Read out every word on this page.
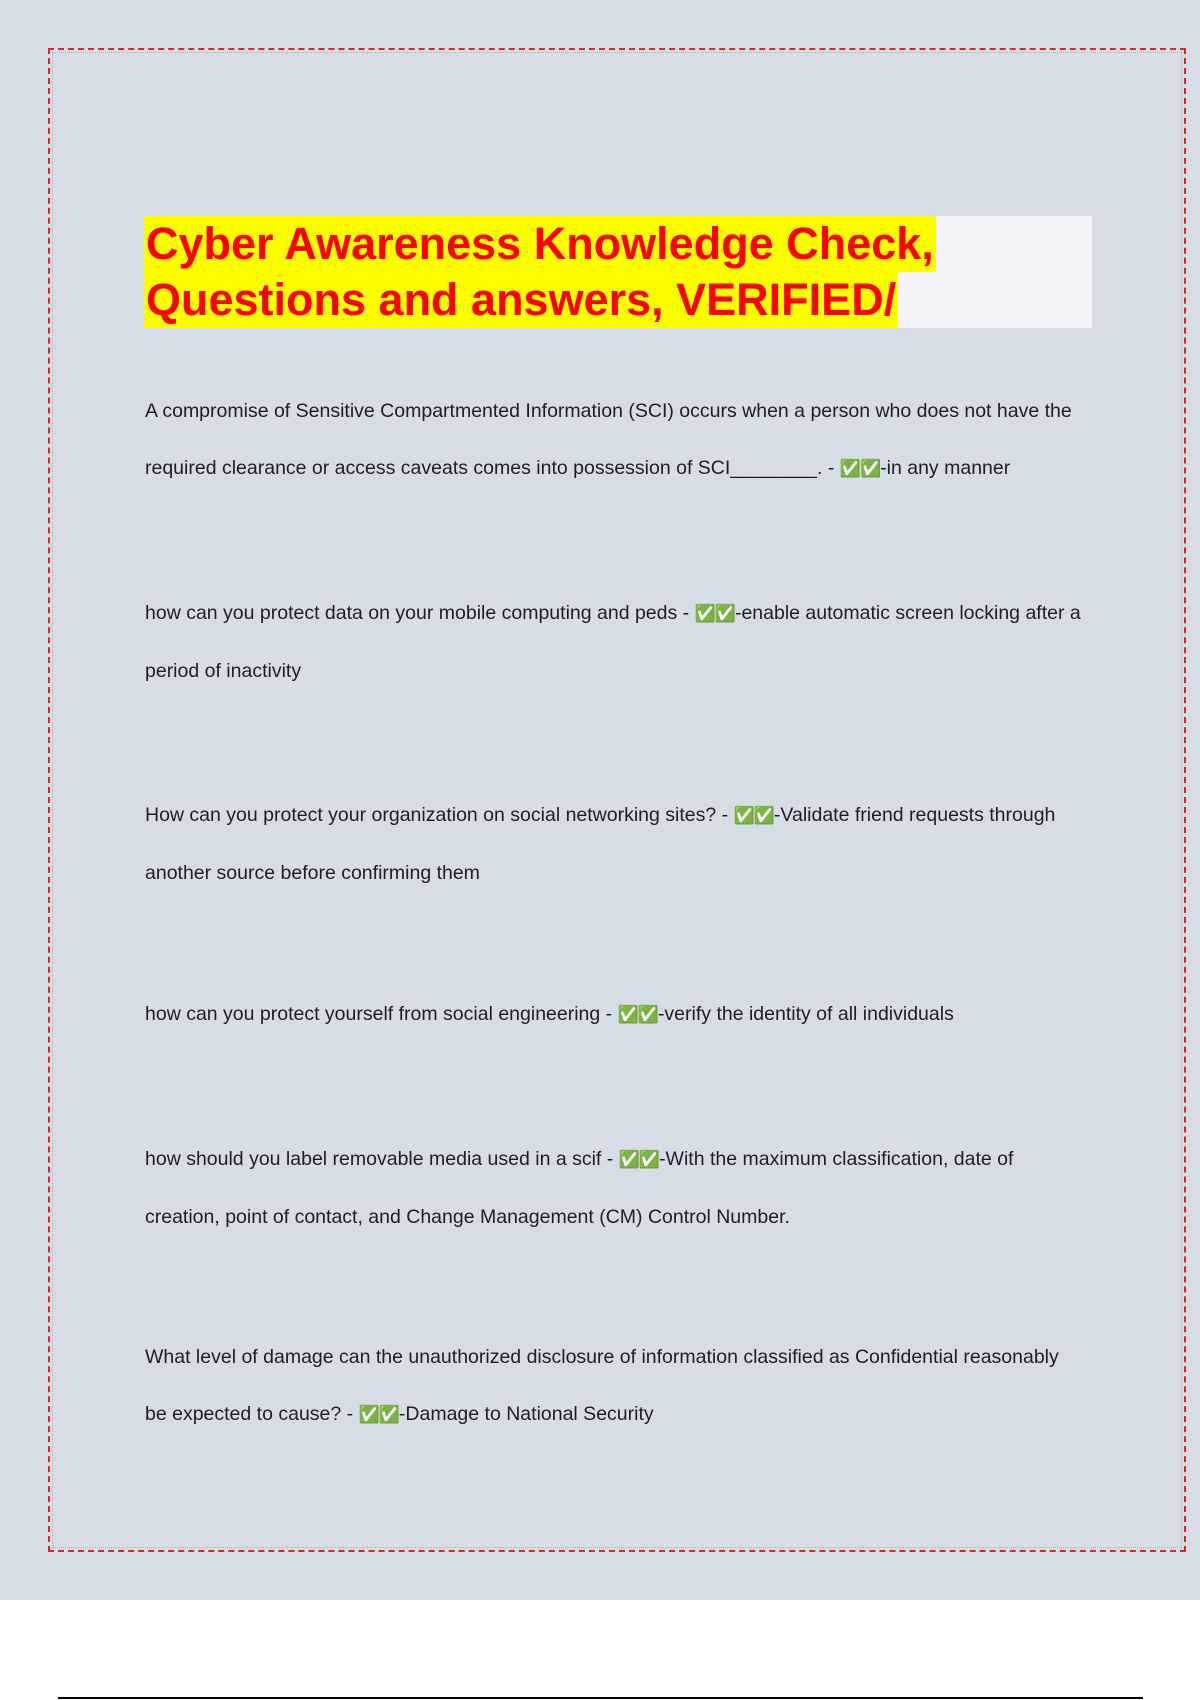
Cyber Awareness Knowledge Check,
Questions and answers, VERIFIED/
A compromise of Sensitive Compartmented Information (SCI) occurs when a person who does not have the required clearance or access caveats comes into possession of SCI________. - ✅✅-in any manner
how can you protect data on your mobile computing and peds - ✅✅-enable automatic screen locking after a period of inactivity
How can you protect your organization on social networking sites? - ✅✅-Validate friend requests through another source before confirming them
how can you protect yourself from social engineering - ✅✅-verify the identity of all individuals
how should you label removable media used in a scif - ✅✅-With the maximum classification, date of creation, point of contact, and Change Management (CM) Control Number.
What level of damage can the unauthorized disclosure of information classified as Confidential reasonably be expected to cause? - ✅✅-Damage to National Security
